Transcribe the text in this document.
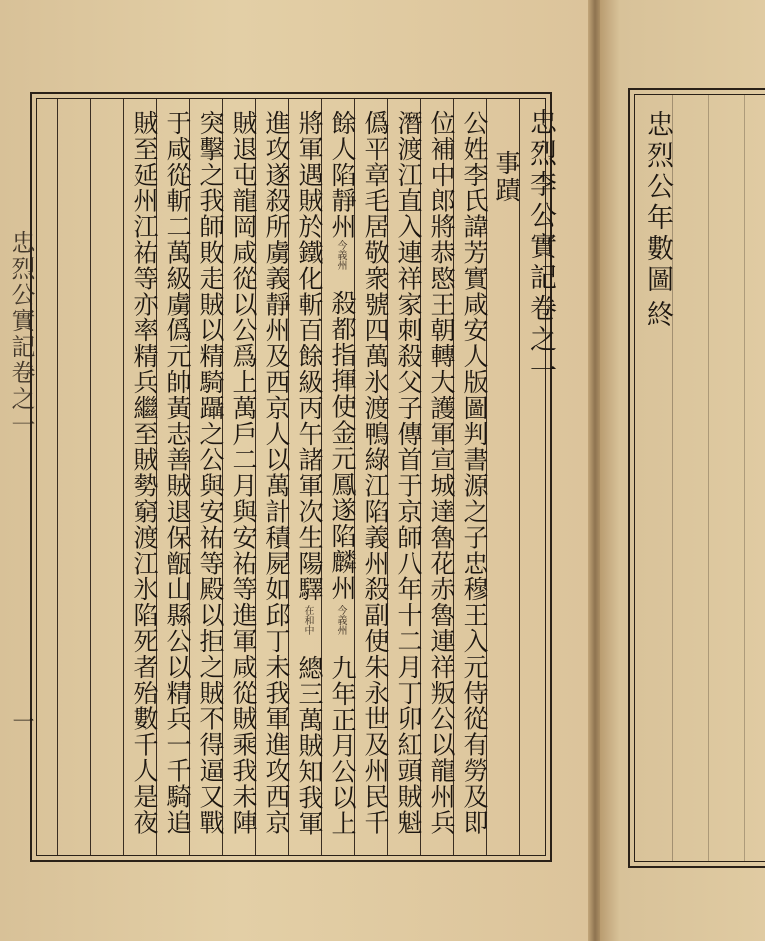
忠烈李公實記卷之一
事蹟
公姓李氏諱芳實咸安人版圖判書源之子忠穆王入元侍從有勞及即
位補中郎將恭愍王朝轉大護軍宣城達魯花赤魯連祥叛公以龍州兵
潛渡江直入連祥家刺殺父子傳首于京師八年十二月丁卯紅頭賊魁
僞平章毛居敬衆號四萬氷渡鴨綠江陷義州殺副使朱永世及州民千
餘人陷靜州
今義州
殺都指揮使金元鳳遂陷麟州
今義州
九年正月公以上
將軍遇賊於鐵化斬百餘級丙午諸軍次生陽驛
在和中
總三萬賊知我軍
進攻遂殺所虜義靜州及西京人以萬計積屍如邱丁未我軍進攻西京
賊退屯龍岡咸從以公爲上萬戶二月與安祐等進軍咸從賊乘我未陣
突擊之我師敗走賊以精騎躡之公與安祐等殿以拒之賊不得逼又戰
于咸從斬二萬級虜僞元帥黃志善賊退保甑山縣公以精兵一千騎追
賊至延州江祐等亦率精兵繼至賊勢窮渡江氷陷死者殆數千人是夜
忠烈公實記卷之一
一
忠烈公年數圖
終
